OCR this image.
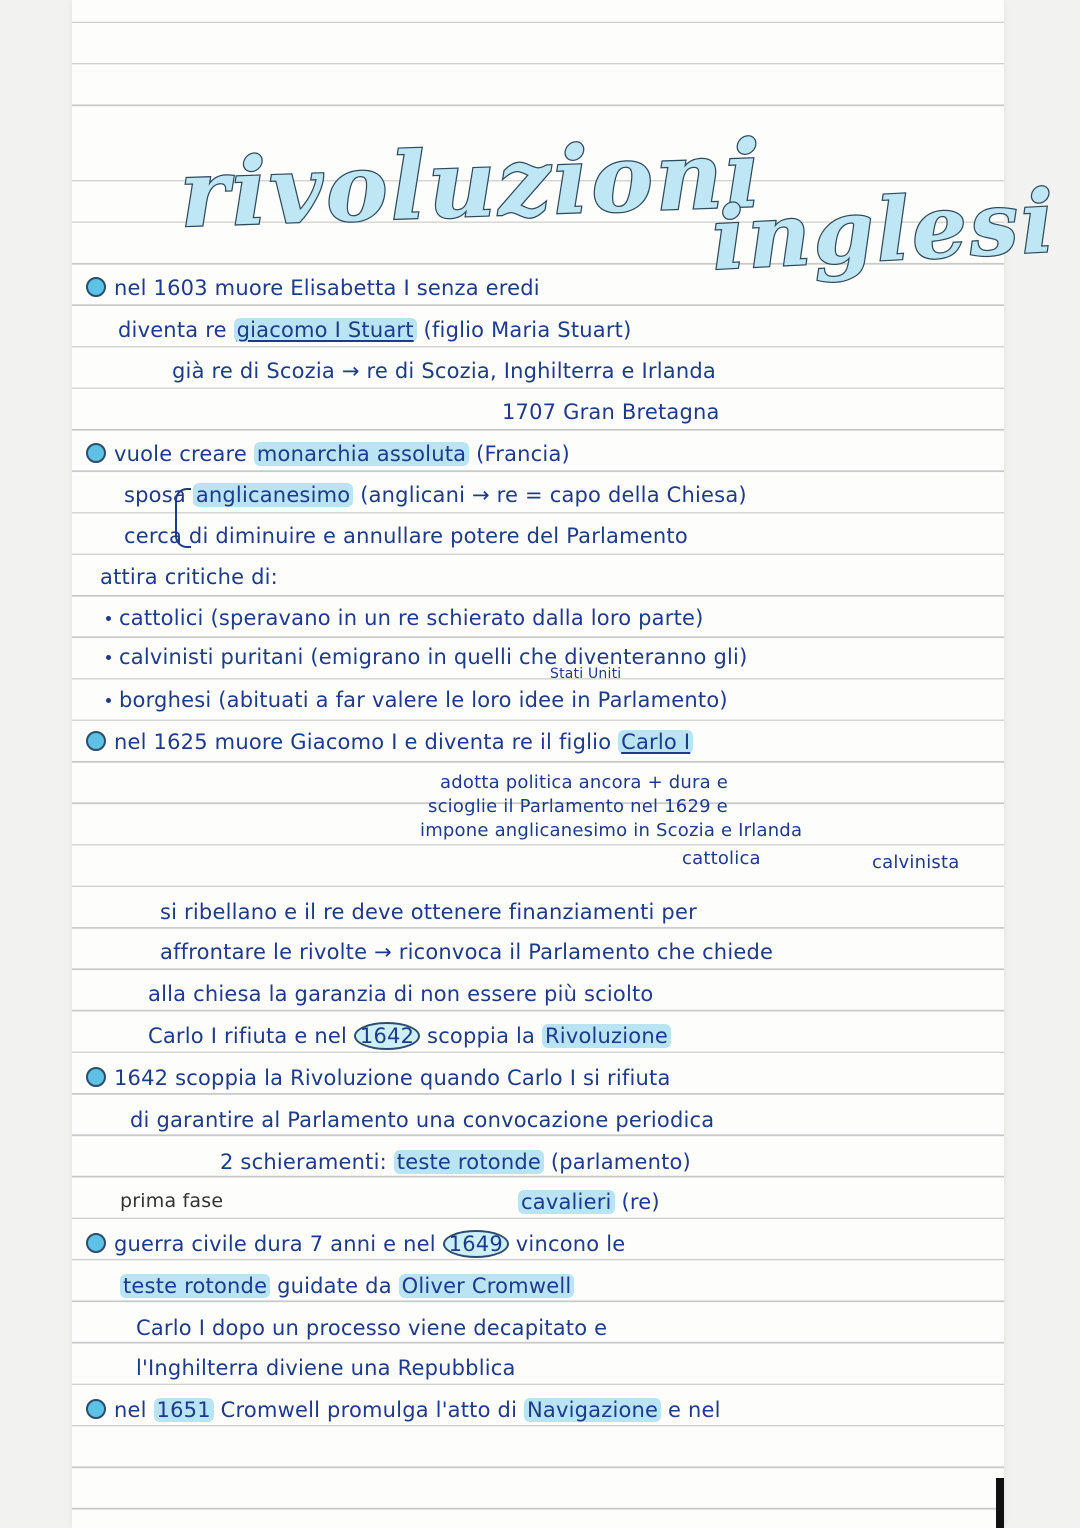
rivoluzioni
inglesi
nel 1603 muore Elisabetta I senza eredi
diventa re giacomo I Stuart (figlio Maria Stuart)
già re di Scozia → re di Scozia, Inghilterra e Irlanda
1707 Gran Bretagna
vuole creare monarchia assoluta (Francia)
sposa anglicanesimo (anglicani → re = capo della Chiesa)
cerca di diminuire e annullare potere del Parlamento
attira critiche di:
cattolici (speravano in un re schierato dalla loro parte)
calvinisti puritani (emigrano in quelli che diventeranno gli)
Stati Uniti
borghesi (abituati a far valere le loro idee in Parlamento)
nel 1625 muore Giacomo I e diventa re il figlio Carlo I
adotta politica ancora + dura e
scioglie il Parlamento nel 1629 e
impone anglicanesimo in Scozia e Irlanda
cattolica	calvinista
si ribellano e il re deve ottenere finanziamenti per
affrontare le rivolte → riconvoca il Parlamento che chiede
alla chiesa la garanzia di non essere più sciolto
Carlo I rifiuta e nel 1642 scoppia la Rivoluzione
1642 scoppia la Rivoluzione quando Carlo I si rifiuta
di garantire al Parlamento una convocazione periodica
2 schieramenti: teste rotonde (parlamento)
prima fase	cavalieri (re)
guerra civile dura 7 anni e nel 1649 vincono le
teste rotonde guidate da Oliver Cromwell
Carlo I dopo un processo viene decapitato e
l'Inghilterra diviene una Repubblica
nel 1651 Cromwell promulga l'atto di Navigazione e nel
